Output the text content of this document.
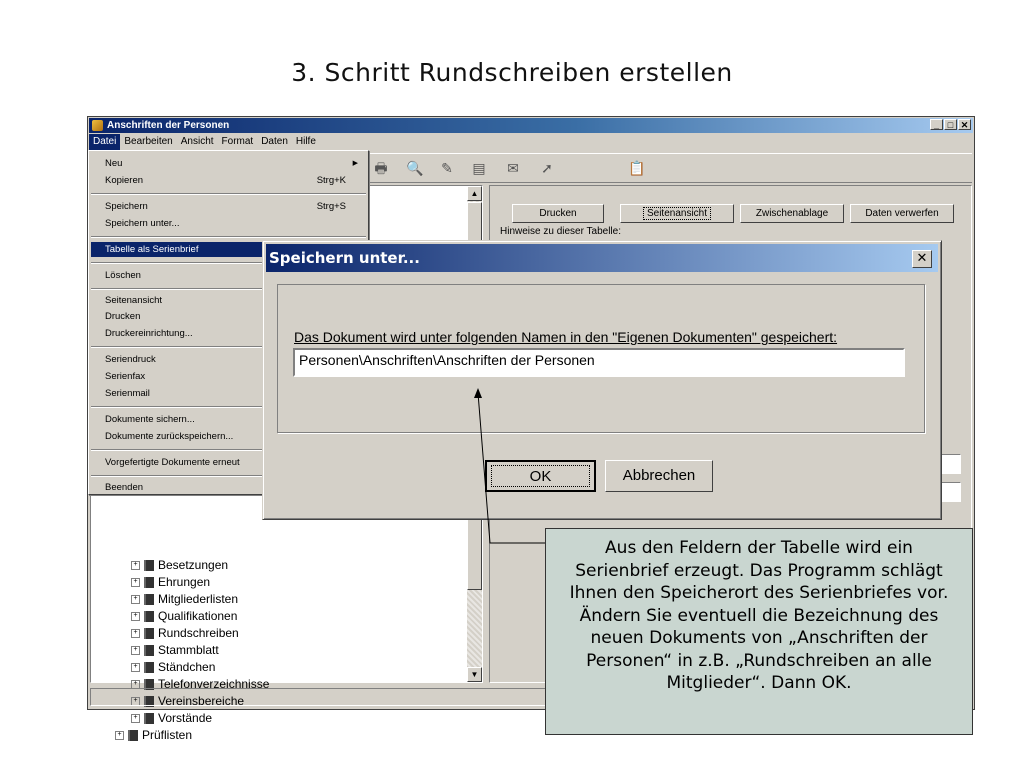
3. Schritt Rundschreiben erstellen
Anschriften der Personen	_ □ ✕
Datei Bearbeiten Ansicht Format Daten Hilfe
🖶 🔍 ✎ ▤ ✉ ➚	📋
+ Besetzungen
+ Ehrungen
+ Mitgliederlisten
+ Qualifikationen
+ Rundschreiben
+ Stammblatt
+ Ständchen
+ Telefonverzeichnisse
+ Vereinsbereiche
+ Vorstände
+ Prüflisten
▲
▼
Drucken	Seitenansicht	Zwischenablage	Daten verwerfen
Hinweise zu dieser Tabelle:
Neu	▶
Kopieren	Strg+K
Speichern	Strg+S
Speichern unter...
Tabelle als Serienbrief
Löschen
Seitenansicht
Drucken
Druckereinrichtung...
Seriendruck
Serienfax
Serienmail
Dokumente sichern...
Dokumente zurückspeichern...
Vorgefertigte Dokumente erneut
Beenden
Speichern unter...	✕
Das Dokument wird unter folgenden Namen in den "Eigenen Dokumenten" gespeichert:
Personen\Anschriften\Anschriften der Personen
OK	Abbrechen
Aus den Feldern der Tabelle wird ein Serienbrief erzeugt. Das Programm schlägt Ihnen den Speicherort des Serienbriefes vor. Ändern Sie eventuell die Bezeichnung des neuen Dokuments von „Anschriften der Personen“ in z.B. „Rundschreiben an alle Mitglieder“. Dann OK.
